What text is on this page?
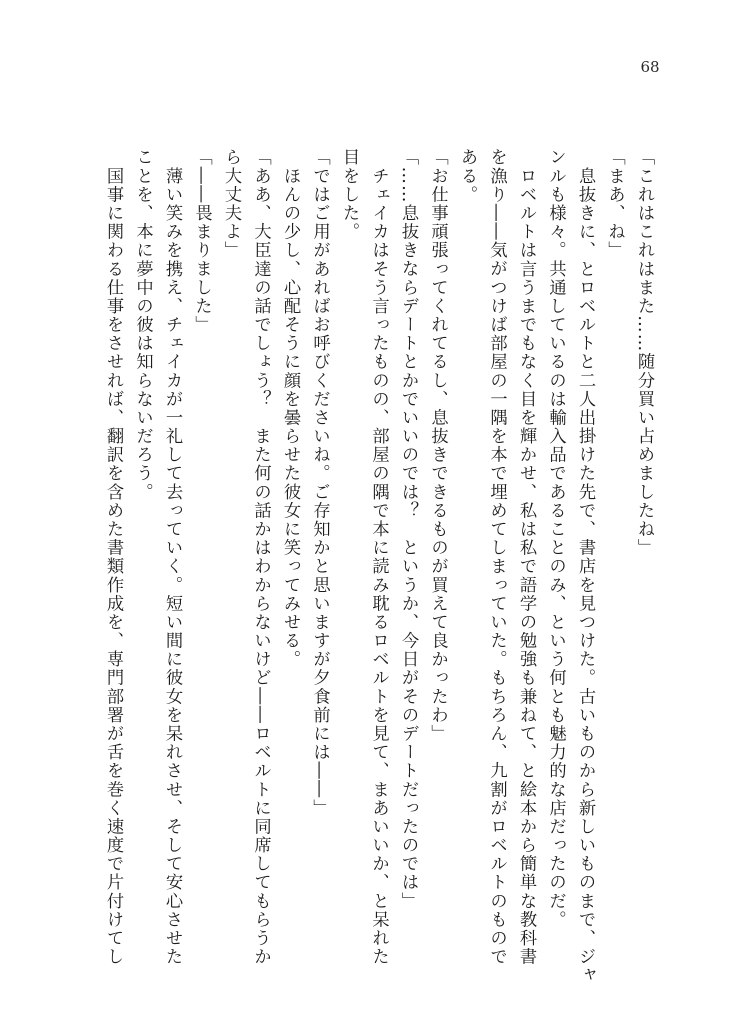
68
「これはこれはまた……随分買い占めましたね」
「まあ、ね」
　息抜きに、とロベルトと二人出掛けた先で、書店を見つけた。古いものから新しいものまで、ジャ
ンルも様々。共通しているのは輸入品であることのみ、という何とも魅力的な店だったのだ。
　ロベルトは言うまでもなく目を輝かせ、私は私で語学の勉強も兼ねて、と絵本から簡単な教科書
を漁り――気がつけば部屋の一隅を本で埋めてしまっていた。もちろん、九割がロベルトのもので
ある。
「お仕事頑張ってくれてるし、息抜きできるものが買えて良かったわ」
「……息抜きならデートとかでいいのでは？　というか、今日がそのデートだったのでは」
　チェイカはそう言ったものの、部屋の隅で本に読み耽るロベルトを見て、まあいいか、と呆れた
目をした。
「ではご用があればお呼びくださいね。ご存知かと思いますが夕食前には――」
　ほんの少し、心配そうに顔を曇らせた彼女に笑ってみせる。
「ああ、大臣達の話でしょう？　また何の話かはわからないけど――ロベルトに同席してもらうか
ら大丈夫よ」
「――畏まりました」
　薄い笑みを携え、チェイカが一礼して去っていく。短い間に彼女を呆れさせ、そして安心させた
ことを、本に夢中の彼は知らないだろう。
　国事に関わる仕事をさせれば、翻訳を含めた書類作成を、専門部署が舌を巻く速度で片付けてし
